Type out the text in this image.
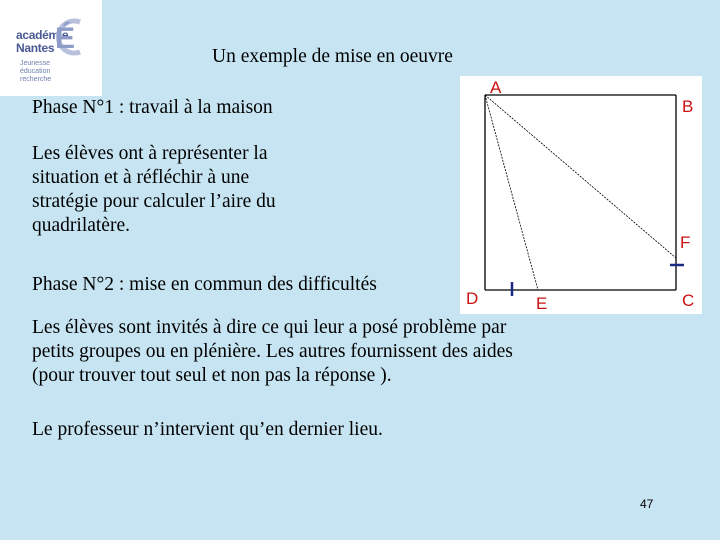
académie
Nantes É
Jeunesse
éducation
recherche
Un exemple de mise en oeuvre
Phase N°1 : travail à la maison
Les élèves ont à représenter la
situation et à réfléchir à une
stratégie pour calculer l’aire du
quadrilatère.
A
B
C
D	E
F
Phase N°2 : mise en commun des difficultés
Les élèves sont invités à dire ce qui leur a posé problème par
petits groupes ou en plénière. Les autres fournissent des aides
(pour trouver tout seul et non pas la réponse ).
Le professeur n’intervient qu’en dernier lieu.
47
